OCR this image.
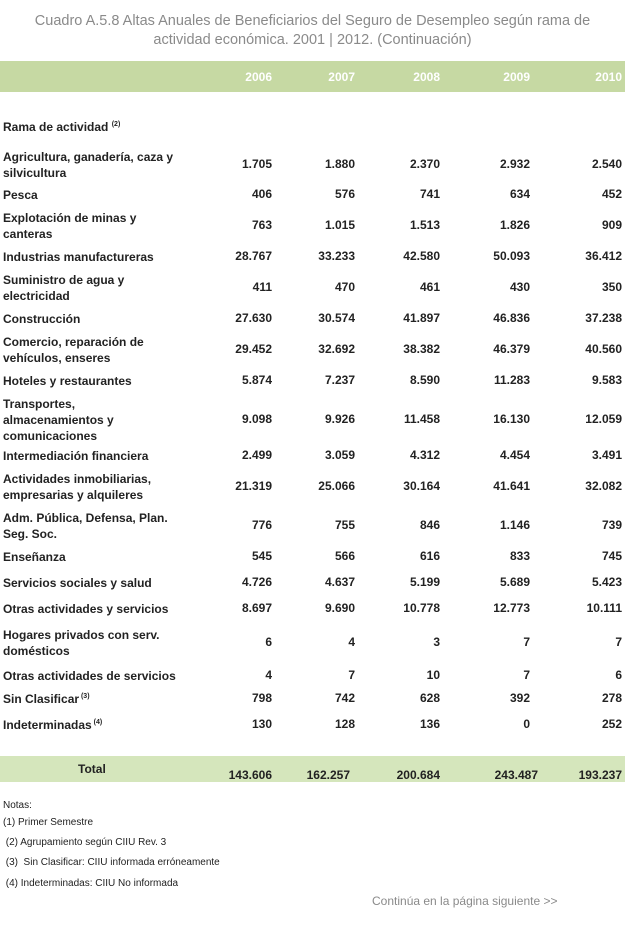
Cuadro A.5.8 Altas Anuales de Beneficiarios del Seguro de Desempleo según rama de
actividad económica. 2001 | 2012. (Continuación)
2006	2007	2008	2009	2010
Rama de actividad $^{(2)}$
Agricultura, ganadería, caza y
silvicultura
1.705	1.880	2.370	2.932	2.540
Pesca	406	576	741	634	452
Explotación de minas y
canteras
763	1.015	1.513	1.826	909
Industrias manufactureras	28.767	33.233	42.580	50.093	36.412
Suministro de agua y
electricidad
411	470	461	430	350
Construcción	27.630	30.574	41.897	46.836	37.238
Comercio, reparación de
vehículos, enseres
29.452	32.692	38.382	46.379	40.560
Hoteles y restaurantes	5.874	7.237	8.590	11.283	9.583
Transportes,
almacenamientos y
comunicaciones
9.098	9.926	11.458	16.130	12.059
Intermediación financiera	2.499	3.059	4.312	4.454	3.491
Actividades inmobiliarias,
empresarias y alquileres
21.319	25.066	30.164	41.641	32.082
Adm. Pública, Defensa, Plan.
Seg. Soc.
776	755	846	1.146	739
Enseñanza	545	566	616	833	745
Servicios sociales y salud	4.726	4.637	5.199	5.689	5.423
Otras actividades y servicios	8.697	9.690	10.778	12.773	10.111
Hogares privados con serv.
domésticos
6	4	3	7	7
Otras actividades de servicios	4	7	10	7	6
Sin Clasificar $^{(3)}$	798	742	628	392	278
Indeterminadas $^{(4)}$	130	128	136	0	252
Total	143.606	162.257	200.684	243.487	193.237
Notas:
(1) Primer Semestre
(2) Agrupamiento según CIIU Rev. 3
(3)  Sin Clasificar: CIIU informada erróneamente
(4) Indeterminadas: CIIU No informada
Continúa en la página siguiente >>
